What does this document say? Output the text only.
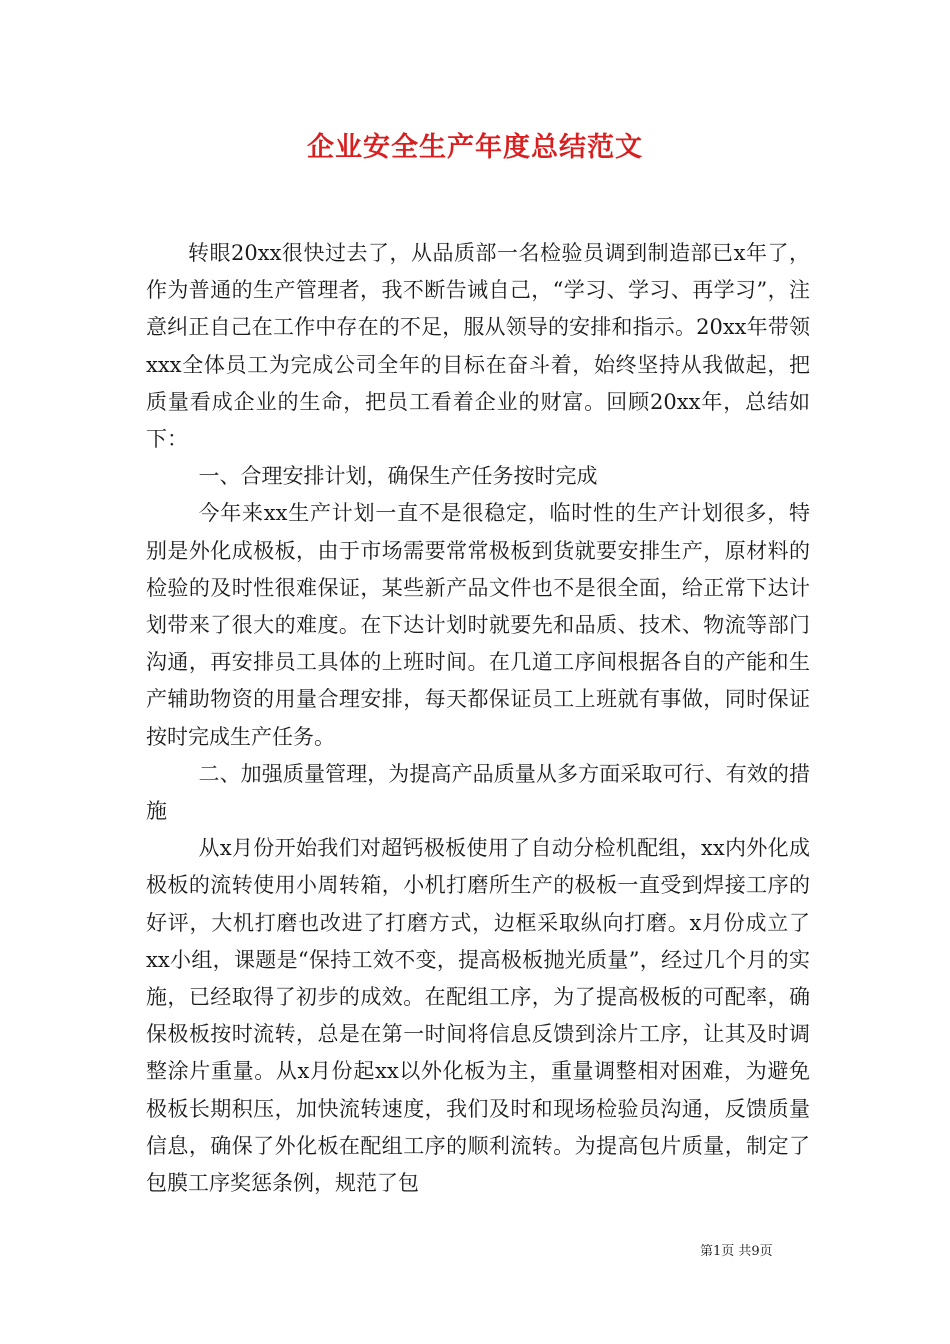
企业安全生产年度总结范文

转眼20xx很快过去了，从品质部一名检验员调到制造部已x年了，作为普通的生产管理者，我不断告诫自己，“学习、学习、再学习”，注意纠正自己在工作中存在的不足，服从领导的安排和指示。20xx年带领xxx全体员工为完成公司全年的目标在奋斗着，始终坚持从我做起，把质量看成企业的生命，把员工看着企业的财富。回顾20xx年，总结如下：

一、合理安排计划，确保生产任务按时完成

今年来xx生产计划一直不是很稳定，临时性的生产计划很多，特别是外化成极板，由于市场需要常常极板到货就要安排生产，原材料的检验的及时性很难保证，某些新产品文件也不是很全面，给正常下达计划带来了很大的难度。在下达计划时就要先和品质、技术、物流等部门沟通，再安排员工具体的上班时间。在几道工序间根据各自的产能和生产辅助物资的用量合理安排，每天都保证员工上班就有事做，同时保证按时完成生产任务。

二、加强质量管理，为提高产品质量从多方面采取可行、有效的措施

从x月份开始我们对超钙极板使用了自动分检机配组，xx内外化成极板的流转使用小周转箱，小机打磨所生产的极板一直受到焊接工序的好评，大机打磨也改进了打磨方式，边框采取纵向打磨。x月份成立了xx小组，课题是“保持工效不变，提高极板抛光质量”，经过几个月的实施，已经取得了初步的成效。在配组工序，为了提高极板的可配率，确保极板按时流转，总是在第一时间将信息反馈到涂片工序，让其及时调整涂片重量。从x月份起xx以外化板为主，重量调整相对困难，为避免极板长期积压，加快流转速度，我们及时和现场检验员沟通，反馈质量信息，确保了外化板在配组工序的顺利流转。为提高包片质量，制定了包膜工序奖惩条例，规范了包

第1页 共9页
